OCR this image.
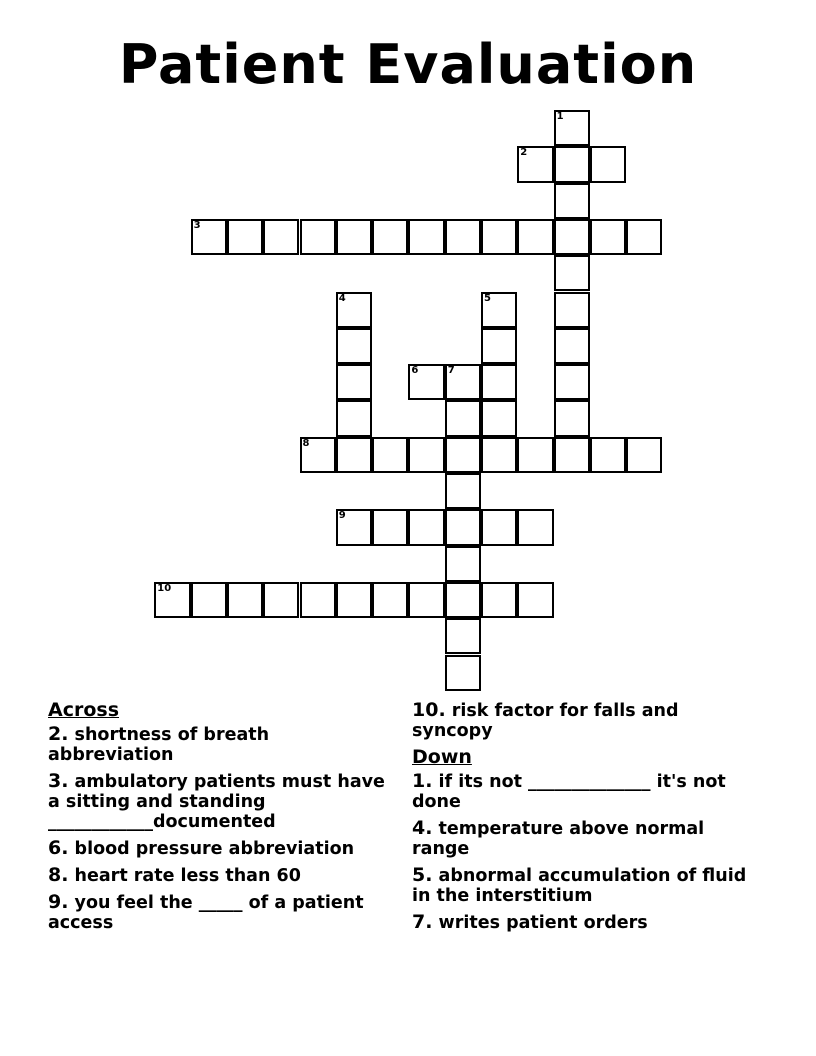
Patient Evaluation
1
2
3
4	5
6	7
8
9
10
Across
2. shortness of breath abbreviation
3. ambulatory patients must have a sitting and standing ____________documented
6. blood pressure abbreviation
8. heart rate less than 60
9. you feel the _____ of a patient access
10. risk factor for falls and syncopy
Down
1. if its not ______________ it's not done
4. temperature above normal range
5. abnormal accumulation of fluid in the interstitium
7. writes patient orders
